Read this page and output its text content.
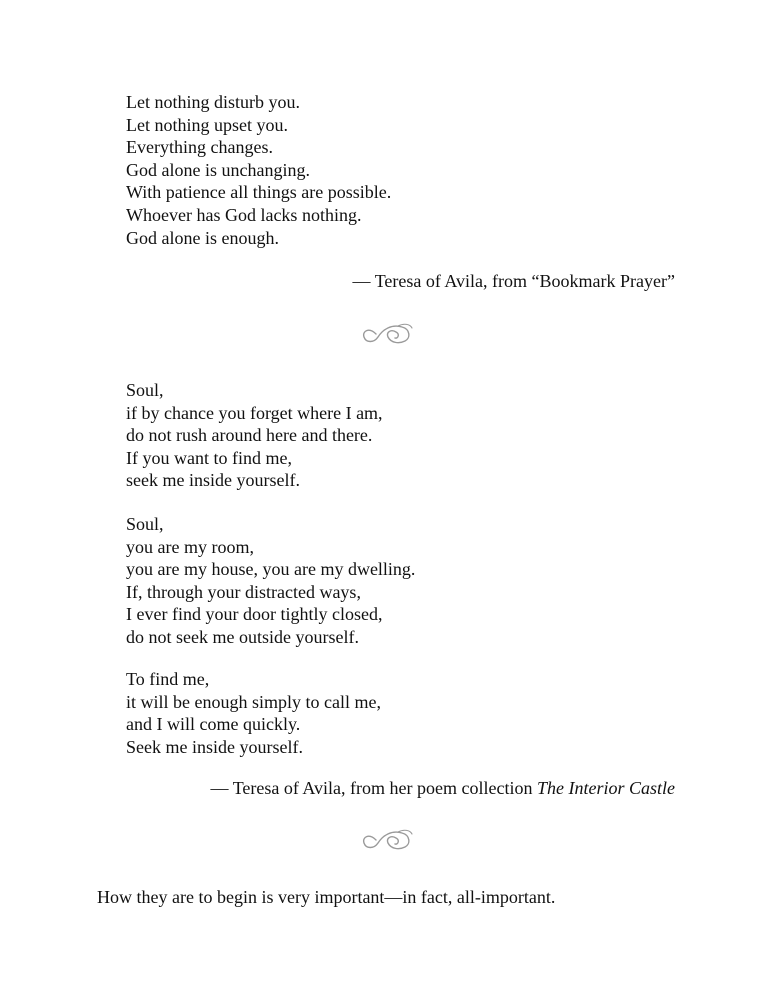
Let nothing disturb you.
Let nothing upset you.
Everything changes.
God alone is unchanging.
With patience all things are possible.
Whoever has God lacks nothing.
God alone is enough.

— Teresa of Avila, from “Bookmark Prayer”

Soul,
if by chance you forget where I am,
do not rush around here and there.
If you want to find me,
seek me inside yourself.
Soul,
you are my room,
you are my house, you are my dwelling.
If, through your distracted ways,
I ever find your door tightly closed,
do not seek me outside yourself.
To find me,
it will be enough simply to call me,
and I will come quickly.
Seek me inside yourself.

— Teresa of Avila, from her poem collection The Interior Castle

How they are to begin is very important—in fact, all-important.
